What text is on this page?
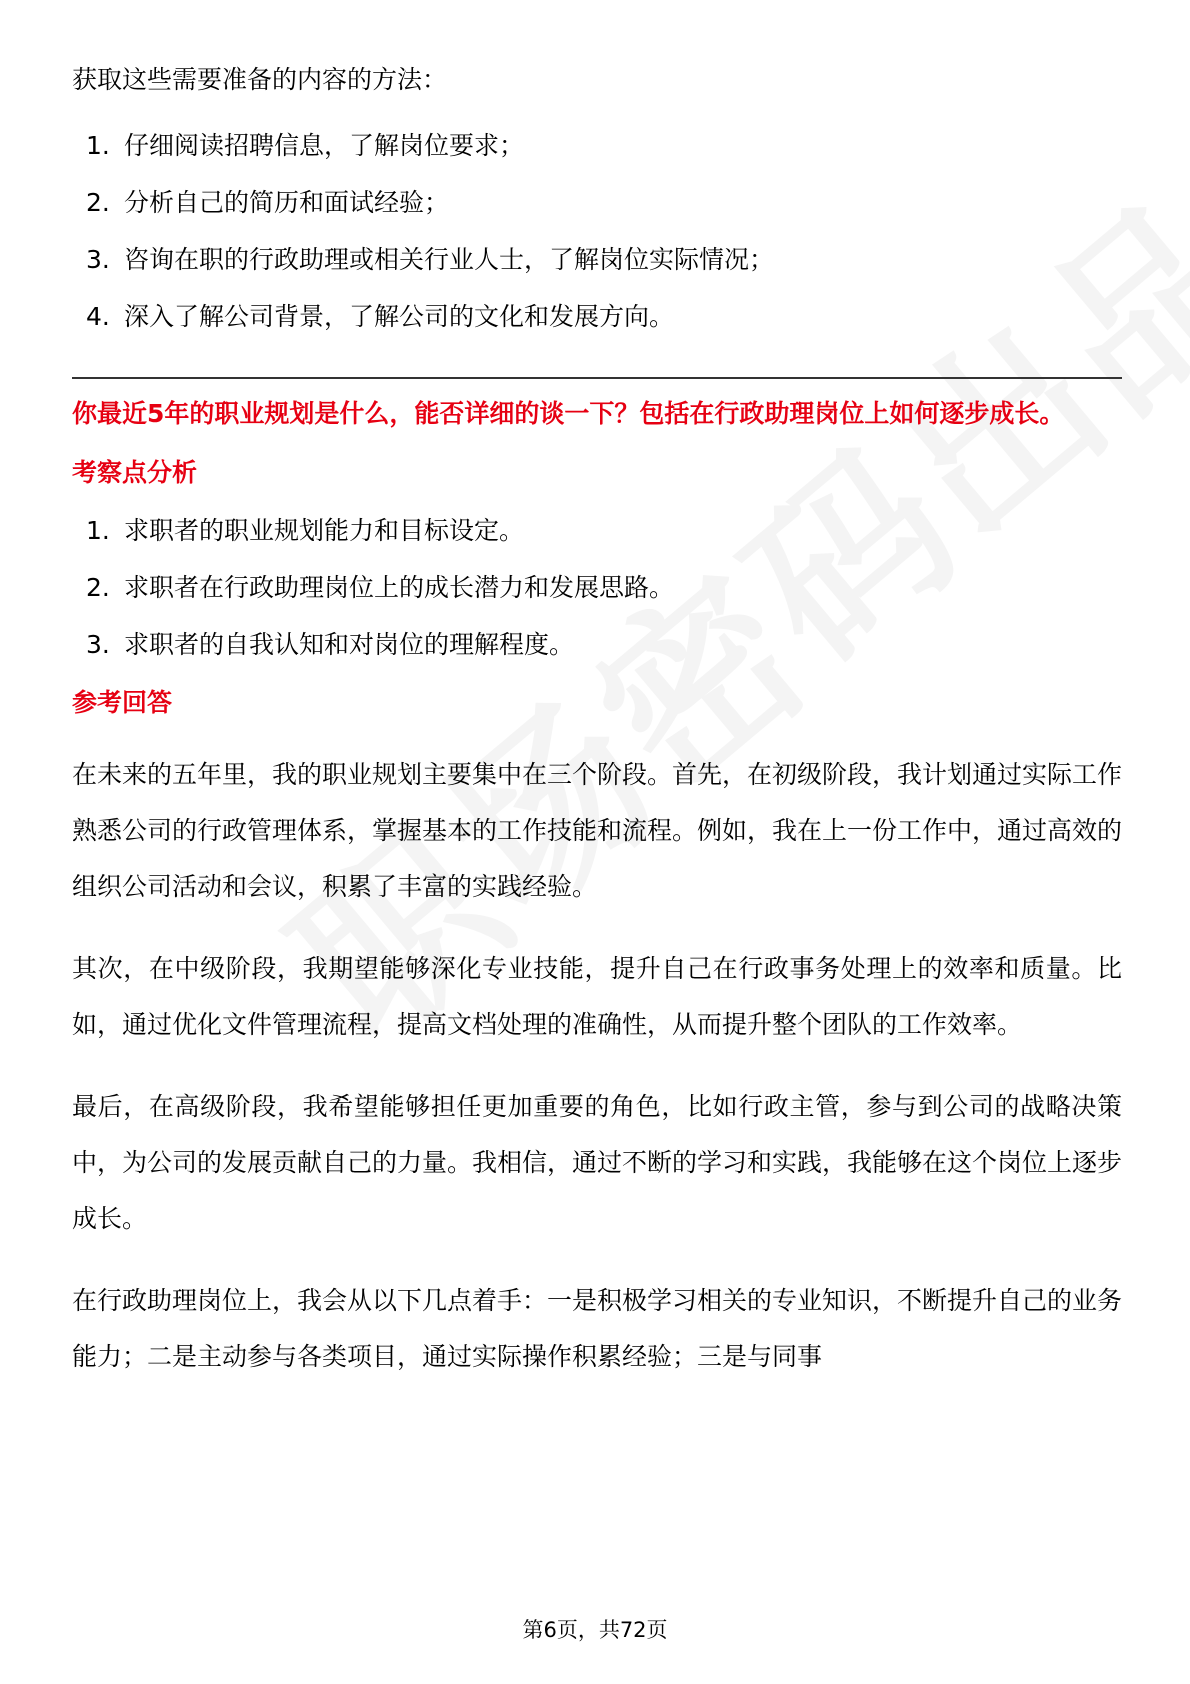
获取这些需要准备的内容的方法：

1. 仔细阅读招聘信息，了解岗位要求；
2. 分析自己的简历和面试经验；
3. 咨询在职的行政助理或相关行业人士，了解岗位实际情况；
4. 深入了解公司背景，了解公司的文化和发展方向。

你最近5年的职业规划是什么，能否详细的谈一下？包括在行政助理岗位上如何逐步成长。

考察点分析
1. 求职者的职业规划能力和目标设定。
2. 求职者在行政助理岗位上的成长潜力和发展思路。
3. 求职者的自我认知和对岗位的理解程度。
参考回答

在未来的五年里，我的职业规划主要集中在三个阶段。首先，在初级阶段，我计划通过实际工作熟悉公司的行政管理体系，掌握基本的工作技能和流程。例如，我在上一份工作中，通过高效的组织公司活动和会议，积累了丰富的实践经验。

其次，在中级阶段，我期望能够深化专业技能，提升自己在行政事务处理上的效率和质量。比如，通过优化文件管理流程，提高文档处理的准确性，从而提升整个团队的工作效率。

最后，在高级阶段，我希望能够担任更加重要的角色，比如行政主管，参与到公司的战略决策中，为公司的发展贡献自己的力量。我相信，通过不断的学习和实践，我能够在这个岗位上逐步成长。

在行政助理岗位上，我会从以下几点着手：一是积极学习相关的专业知识，不断提升自己的业务能力；二是主动参与各类项目，通过实际操作积累经验；三是与同事

第6页，共72页
